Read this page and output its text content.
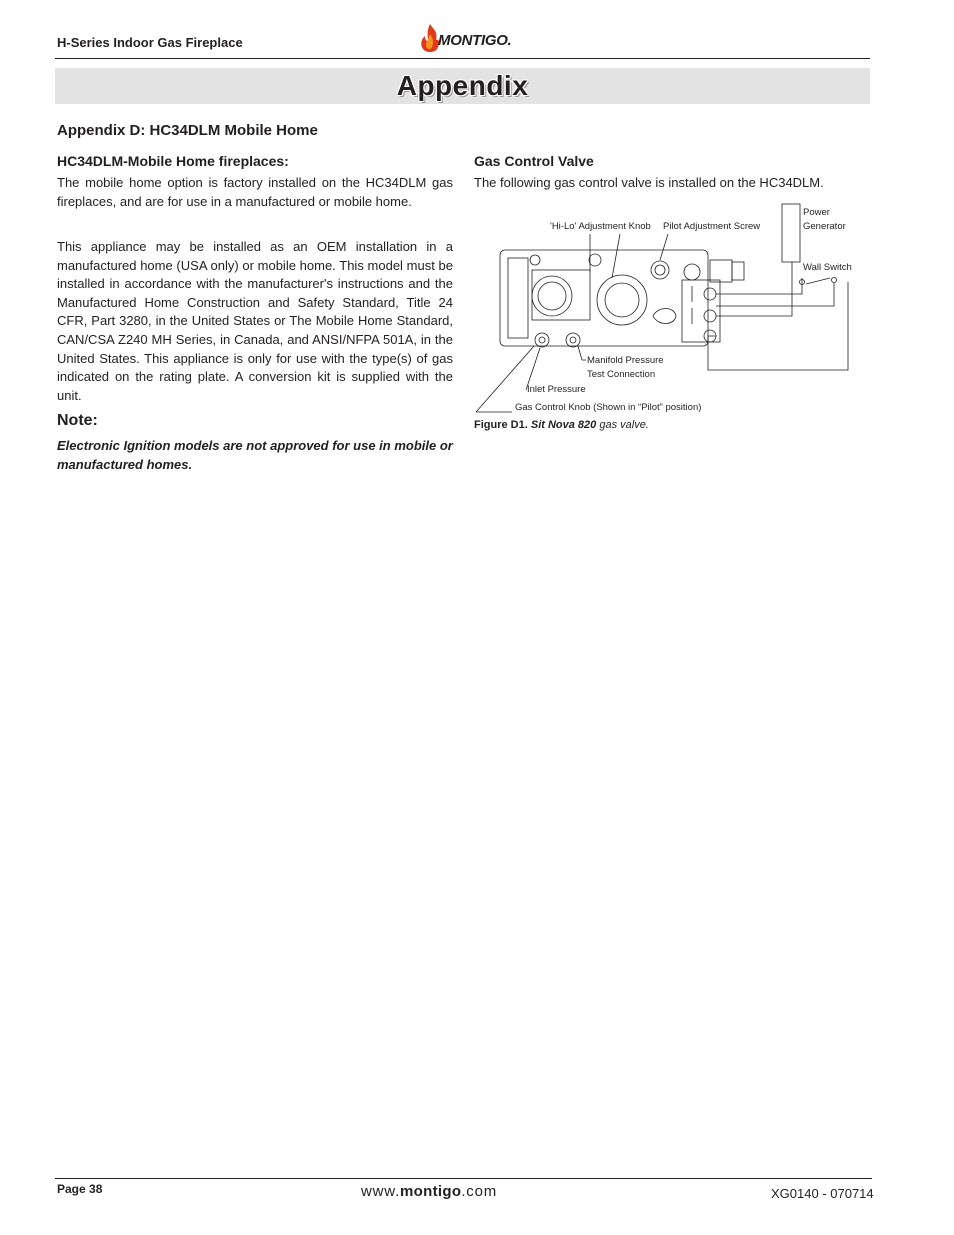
H-Series Indoor Gas Fireplace	MONTIGO.
Appendix
Appendix D: HC34DLM Mobile Home
HC34DLM-Mobile Home fireplaces:

The mobile home option is factory installed on the HC34DLM gas fireplaces, and are for use in a manufactured or mobile home.

This appliance may be installed as an OEM installation in a manufactured home (USA only) or mobile home. This model must be installed in accordance with the manufacturer's instructions and the Manufactured Home Construction and Safety Standard, Title 24 CFR, Part 3280, in the United States or The Mobile Home Standard, CAN/CSA Z240 MH Series, in Canada, and ANSI/NFPA 501A, in the United States. This appliance is only for use with the type(s) of gas indicated on the rating plate. A conversion kit is supplied with the unit.

Note:

Electronic Ignition models are not approved for use in mobile or manufactured homes.

Gas Control Valve

The following gas control valve is installed on the HC34DLM.

'Hi-Lo' Adjustment Knob Pilot Adjustment Screw
Power
Generator
Wall Switch
Manifold Pressure
Test Connection
Inlet Pressure
Gas Control Knob (Shown in “Pilot” position)
Figure D1. Sit Nova 820 gas valve.
Page 38	www.montigo.com	XG0140 - 070714
